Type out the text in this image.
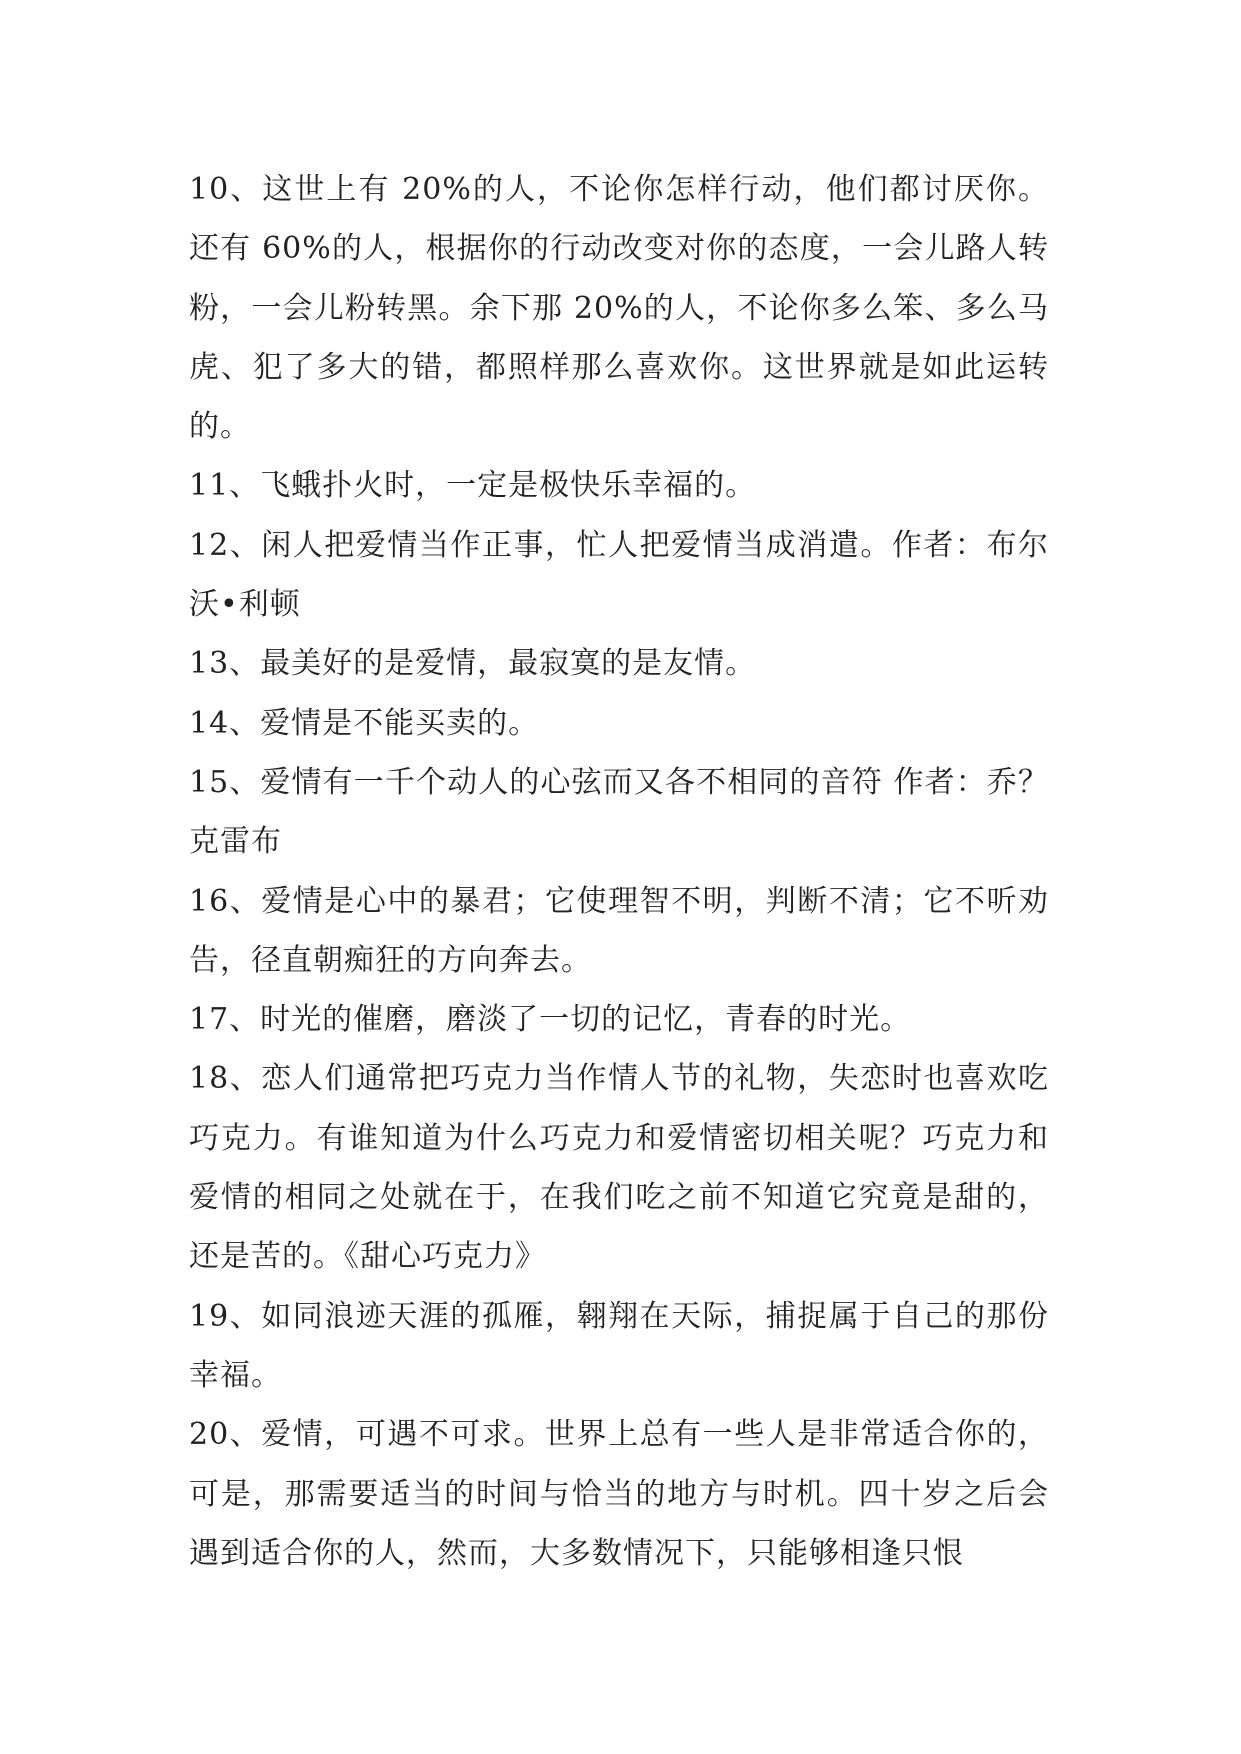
10、这世上有 20%的人，不论你怎样行动，他们都讨厌你。还有 60%的人，根据你的行动改变对你的态度，一会儿路人转粉，一会儿粉转黑。余下那 20%的人，不论你多么笨、多么马虎、犯了多大的错，都照样那么喜欢你。这世界就是如此运转的。

11、飞蛾扑火时，一定是极快乐幸福的。

12、闲人把爱情当作正事，忙人把爱情当成消遣。作者：布尔沃•利顿

13、最美好的是爱情，最寂寞的是友情。

14、爱情是不能买卖的。

15、爱情有一千个动人的心弦而又各不相同的音符 作者：乔？克雷布

16、爱情是心中的暴君；它使理智不明，判断不清；它不听劝告，径直朝痴狂的方向奔去。

17、时光的催磨，磨淡了一切的记忆，青春的时光。

18、恋人们通常把巧克力当作情人节的礼物，失恋时也喜欢吃巧克力。有谁知道为什么巧克力和爱情密切相关呢？巧克力和爱情的相同之处就在于，在我们吃之前不知道它究竟是甜的，还是苦的。《甜心巧克力》

19、如同浪迹天涯的孤雁，翱翔在天际，捕捉属于自己的那份幸福。

20、爱情，可遇不可求。世界上总有一些人是非常适合你的，可是，那需要适当的时间与恰当的地方与时机。四十岁之后会遇到适合你的人，然而，大多数情况下，只能够相逢只恨
